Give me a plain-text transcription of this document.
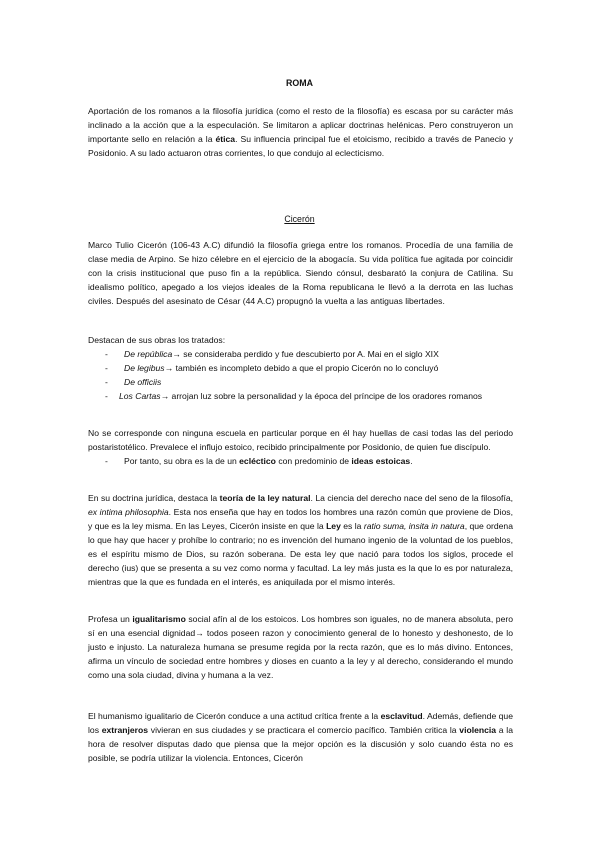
ROMA

Aportación de los romanos a la filosofía jurídica (como el resto de la filosofía) es escasa por su carácter más inclinado a la acción que a la especulación. Se limitaron a aplicar doctrinas helénicas. Pero construyeron un importante sello en relación a la ética. Su influencia principal fue el etoicismo, recibido a través de Panecio y Posidonio. A su lado actuaron otras corrientes, lo que condujo al eclecticismo.

Cicerón

Marco Tulio Cicerón (106-43 A.C) difundió la filosofía griega entre los romanos. Procedía de una familia de clase media de Arpino. Se hizo célebre en el ejercicio de la abogacía. Su vida política fue agitada por coincidir con la crisis institucional que puso fin a la república. Siendo cónsul, desbarató la conjura de Catilina. Su idealismo político, apegado a los viejos ideales de la Roma republicana le llevó a la derrota en las luchas civiles. Después del asesinato de César (44 A.C) propugnó la vuelta a las antiguas libertades.

Destacan de sus obras los tratados:

- De república→ se consideraba perdido y fue descubierto por A. Mai en el siglo XIX
- De legibus→ también es incompleto debido a que el propio Cicerón no lo concluyó
- De officiis
- Los Cartas→ arrojan luz sobre la personalidad y la época del príncipe de los oradores romanos

No se corresponde con ninguna escuela en particular porque en él hay huellas de casi todas las del periodo postaristotélico. Prevalece el influjo estoico, recibido principalmente por Posidonio, de quien fue discípulo.

- Por tanto, su obra es la de un ecléctico con predominio de ideas estoicas.

En su doctrina jurídica, destaca la teoría de la ley natural. La ciencia del derecho nace del seno de la filosofía, ex intima philosophia. Esta nos enseña que hay en todos los hombres una razón común que proviene de Dios, y que es la ley misma. En las Leyes, Cicerón insiste en que la Ley es la ratio suma, insita in natura, que ordena lo que hay que hacer y prohíbe lo contrario; no es invención del humano ingenio de la voluntad de los pueblos, es el espíritu mismo de Dios, su razón soberana. De esta ley que nació para todos los siglos, procede el derecho (ius) que se presenta a su vez como norma y facultad. La ley más justa es la que lo es por naturaleza, mientras que la que es fundada en el interés, es aniquilada por el mismo interés.

Profesa un igualitarismo social afín al de los estoicos. Los hombres son iguales, no de manera absoluta, pero sí en una esencial dignidad→ todos poseen razon y conocimiento general de lo honesto y deshonesto, de lo justo e injusto. La naturaleza humana se presume regida por la recta razón, que es lo más divino. Entonces, afirma un vínculo de sociedad entre hombres y dioses en cuanto a la ley y al derecho, considerando el mundo como una sola ciudad, divina y humana a la vez.

El humanismo igualitario de Cicerón conduce a una actitud crítica frente a la esclavitud. Además, defiende que los extranjeros vivieran en sus ciudades y se practicara el comercio pacífico. También critica la violencia a la hora de resolver disputas dado que piensa que la mejor opción es la discusión y solo cuando ésta no es posible, se podría utilizar la violencia. Entonces, Cicerón
